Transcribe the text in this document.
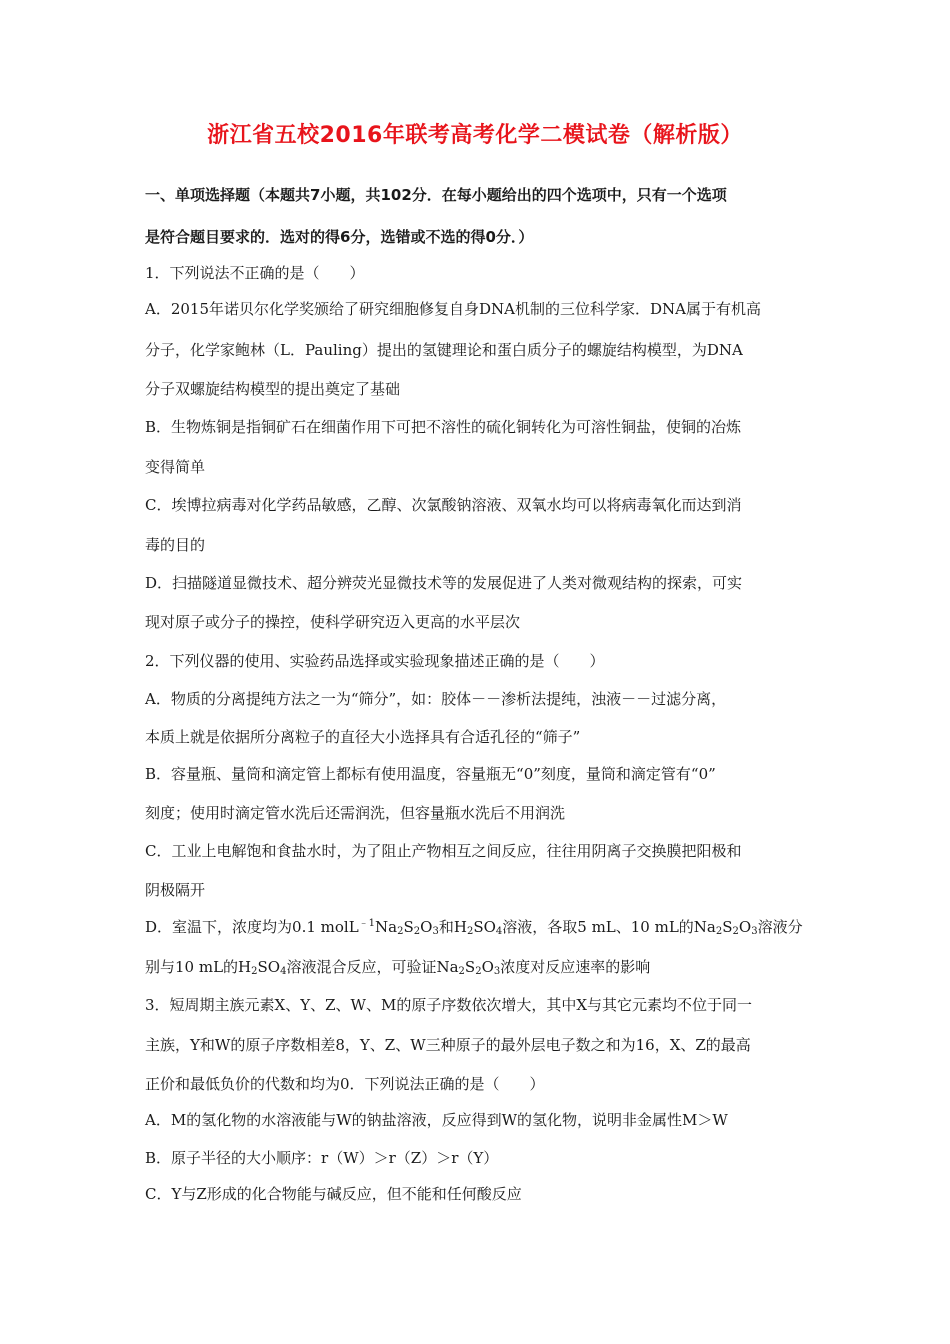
浙江省五校2016年联考高考化学二模试卷（解析版）
一、单项选择题（本题共7小题，共102分．在每小题给出的四个选项中，只有一个选项
是符合题目要求的．选对的得6分，选错或不选的得0分．）
1．下列说法不正确的是（　　）
A．2015年诺贝尔化学奖颁给了研究细胞修复自身DNA机制的三位科学家．DNA属于有机高
分子，化学家鲍林（L．Pauling）提出的氢键理论和蛋白质分子的螺旋结构模型，为DNA
分子双螺旋结构模型的提出奠定了基础
B．生物炼铜是指铜矿石在细菌作用下可把不溶性的硫化铜转化为可溶性铜盐，使铜的冶炼
变得简单
C．埃博拉病毒对化学药品敏感，乙醇、次氯酸钠溶液、双氧水均可以将病毒氧化而达到消
毒的目的
D．扫描隧道显微技术、超分辨荧光显微技术等的发展促进了人类对微观结构的探索，可实
现对原子或分子的操控，使科学研究迈入更高的水平层次
2．下列仪器的使用、实验药品选择或实验现象描述正确的是（　　）
A．物质的分离提纯方法之一为“筛分”，如：胶体－－渗析法提纯，浊液－－过滤分离，
本质上就是依据所分离粒子的直径大小选择具有合适孔径的“筛子”
B．容量瓶、量筒和滴定管上都标有使用温度，容量瓶无“0”刻度，量筒和滴定管有“0”
刻度；使用时滴定管水洗后还需润洗，但容量瓶水洗后不用润洗
C．工业上电解饱和食盐水时，为了阻止产物相互之间反应，往往用阴离子交换膜把阳极和
阴极隔开
D．室温下，浓度均为0.1 $molL^{﹣1}Na_2S_2O_3$和$H_2SO_4$溶液，各取5 mL、10 mL的$Na_2S_2O_3$溶液分
别与10 mL的$H_2SO_4$溶液混合反应，可验证$Na_2S_2O_3$浓度对反应速率的影响
3．短周期主族元素X、Y、Z、W、M的原子序数依次增大，其中X与其它元素均不位于同一
主族，Y和W的原子序数相差8，Y、Z、W三种原子的最外层电子数之和为16，X、Z的最高
正价和最低负价的代数和均为0．下列说法正确的是（　　）
A．M的氢化物的水溶液能与W的钠盐溶液，反应得到W的氢化物，说明非金属性M＞W
B．原子半径的大小顺序：r（W）＞r（Z）＞r（Y）
C．Y与Z形成的化合物能与碱反应，但不能和任何酸反应
